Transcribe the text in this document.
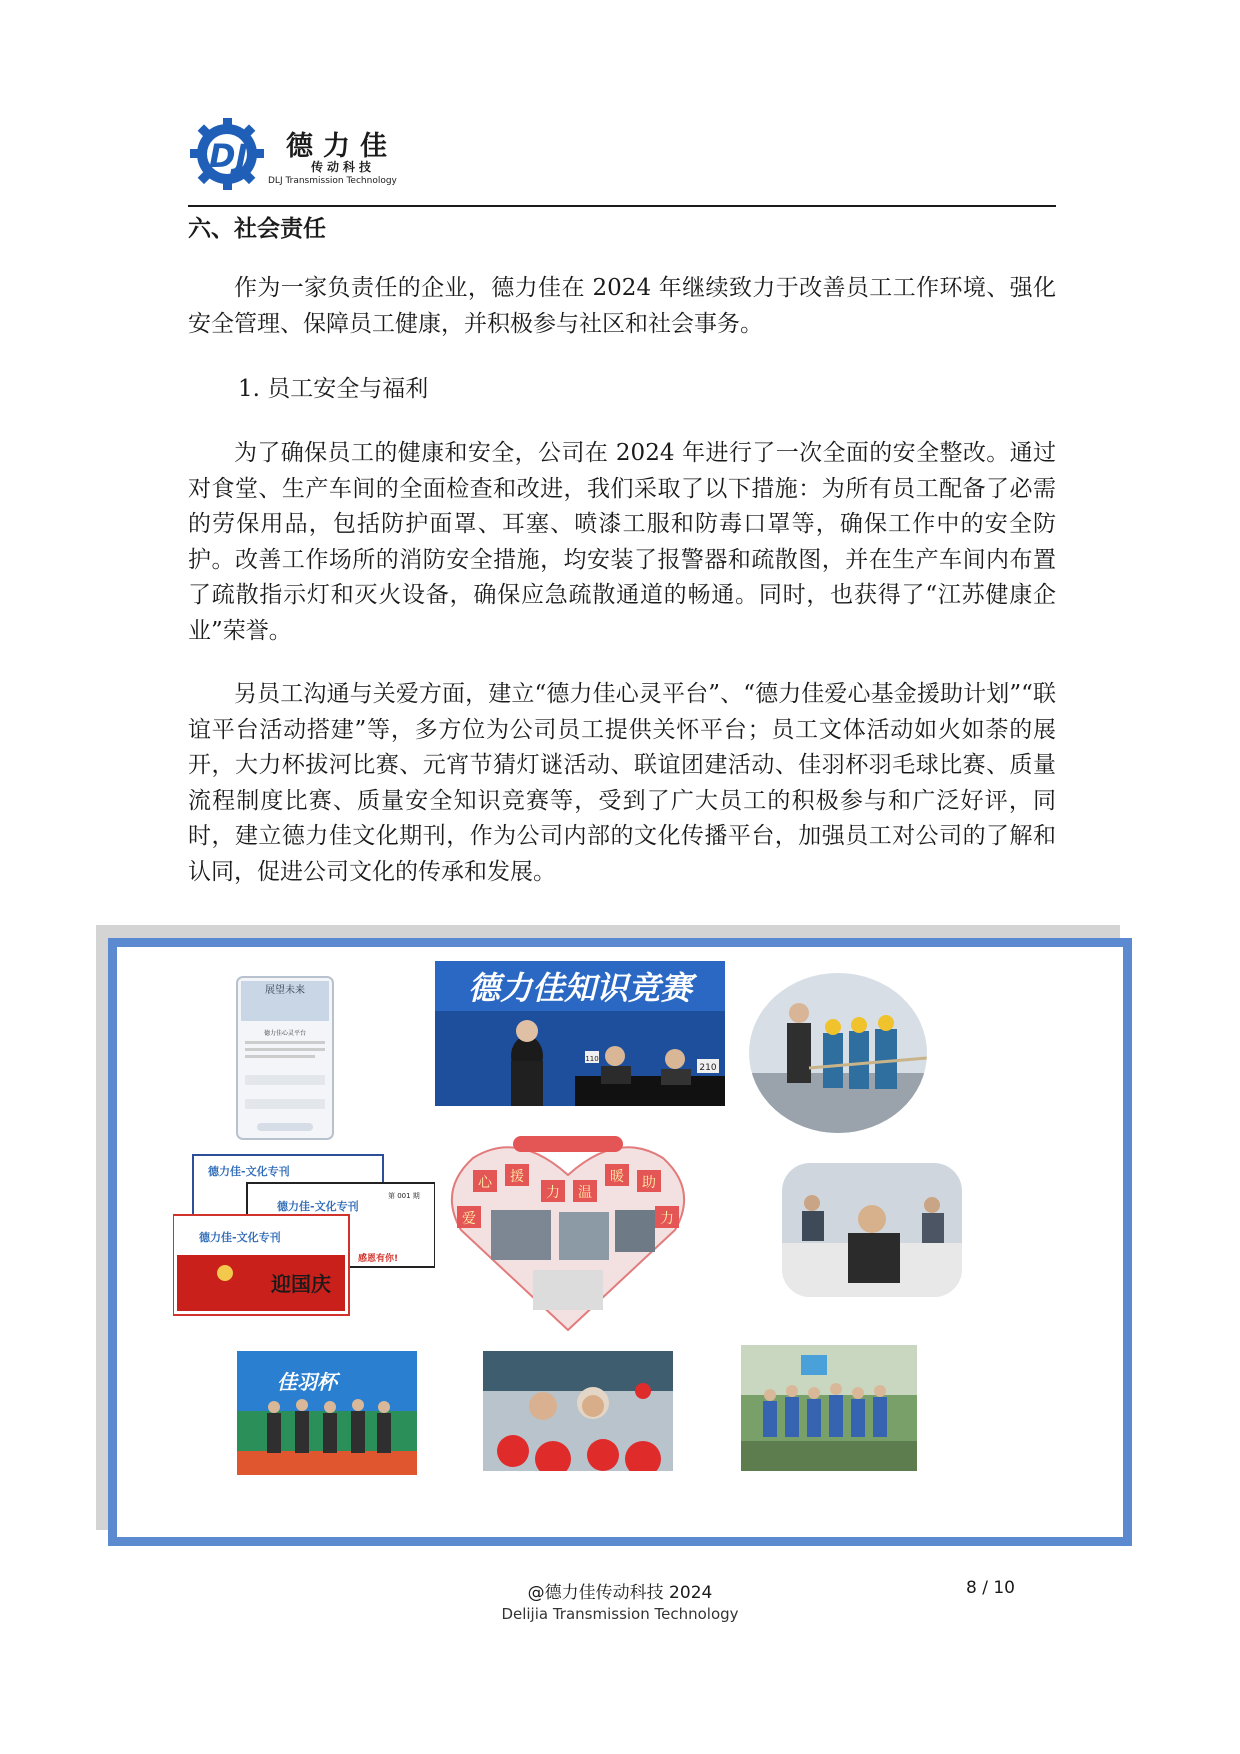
DJ 德力佳
传动科技
DLJ Transmission Technology
六、社会责任
作为一家负责任的企业，德力佳在 2024 年继续致力于改善员工工作环境、强化安全管理、保障员工健康，并积极参与社区和社会事务。
1. 员工安全与福利
为了确保员工的健康和安全，公司在 2024 年进行了一次全面的安全整改。通过对食堂、生产车间的全面检查和改进，我们采取了以下措施：为所有员工配备了必需的劳保用品，包括防护面罩、耳塞、喷漆工服和防毒口罩等，确保工作中的安全防护。改善工作场所的消防安全措施，均安装了报警器和疏散图，并在生产车间内布置了疏散指示灯和灭火设备，确保应急疏散通道的畅通。同时，也获得了“江苏健康企业”荣誉。
另员工沟通与关爱方面，建立“德力佳心灵平台”、“德力佳爱心基金援助计划”“联谊平台活动搭建”等，多方位为公司员工提供关怀平台；员工文体活动如火如荼的展开，大力杯拔河比赛、元宵节猜灯谜活动、联谊团建活动、佳羽杯羽毛球比赛、质量流程制度比赛、质量安全知识竞赛等，受到了广大员工的积极参与和广泛好评，同时，建立德力佳文化期刊，作为公司内部的文化传播平台，加强员工对公司的了解和认同，促进公司文化的传承和发展。
展望未来
德力佳心灵平台
德力佳知识竞赛
110
210
德力佳-文化专刊
德力佳-文化专刊
第 001 期
感恩有你!
德力佳-文化专刊
迎国庆
心 援
力 温
暖 助
爱	力
佳羽杯
@德力佳传动科技 2024
Delijia Transmission Technology
8 / 10
